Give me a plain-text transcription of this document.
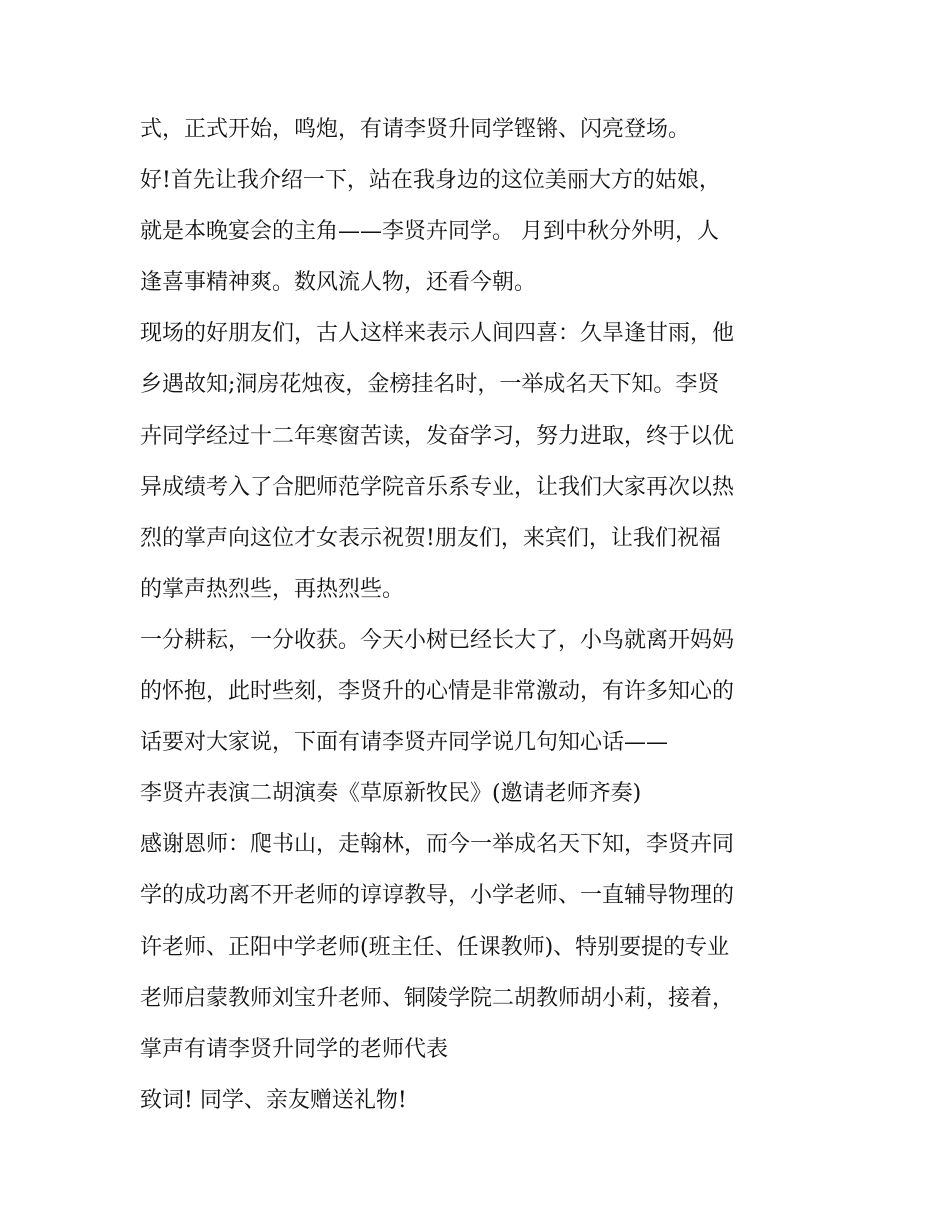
式，正式开始，鸣炮，有请李贤升同学铿锵、闪亮登场。
好!首先让我介绍一下，站在我身边的这位美丽大方的姑娘，
就是本晚宴会的主角——李贤卉同学。 月到中秋分外明，人
逢喜事精神爽。数风流人物，还看今朝。
现场的好朋友们，古人这样来表示人间四喜：久旱逢甘雨，他
乡遇故知;洞房花烛夜，金榜挂名时，一举成名天下知。李贤
卉同学经过十二年寒窗苦读，发奋学习，努力进取，终于以优
异成绩考入了合肥师范学院音乐系专业，让我们大家再次以热
烈的掌声向这位才女表示祝贺!朋友们，来宾们，让我们祝福
的掌声热烈些，再热烈些。
一分耕耘，一分收获。今天小树已经长大了，小鸟就离开妈妈
的怀抱，此时些刻，李贤升的心情是非常激动，有许多知心的
话要对大家说，下面有请李贤卉同学说几句知心话——
李贤卉表演二胡演奏《草原新牧民》(邀请老师齐奏)
感谢恩师：爬书山，走翰林，而今一举成名天下知，李贤卉同
学的成功离不开老师的谆谆教导，小学老师、一直辅导物理的
许老师、正阳中学老师(班主任、任课教师)、特别要提的专业
老师启蒙教师刘宝升老师、铜陵学院二胡教师胡小莉，接着，
掌声有请李贤升同学的老师代表
致词! 同学、亲友赠送礼物!
